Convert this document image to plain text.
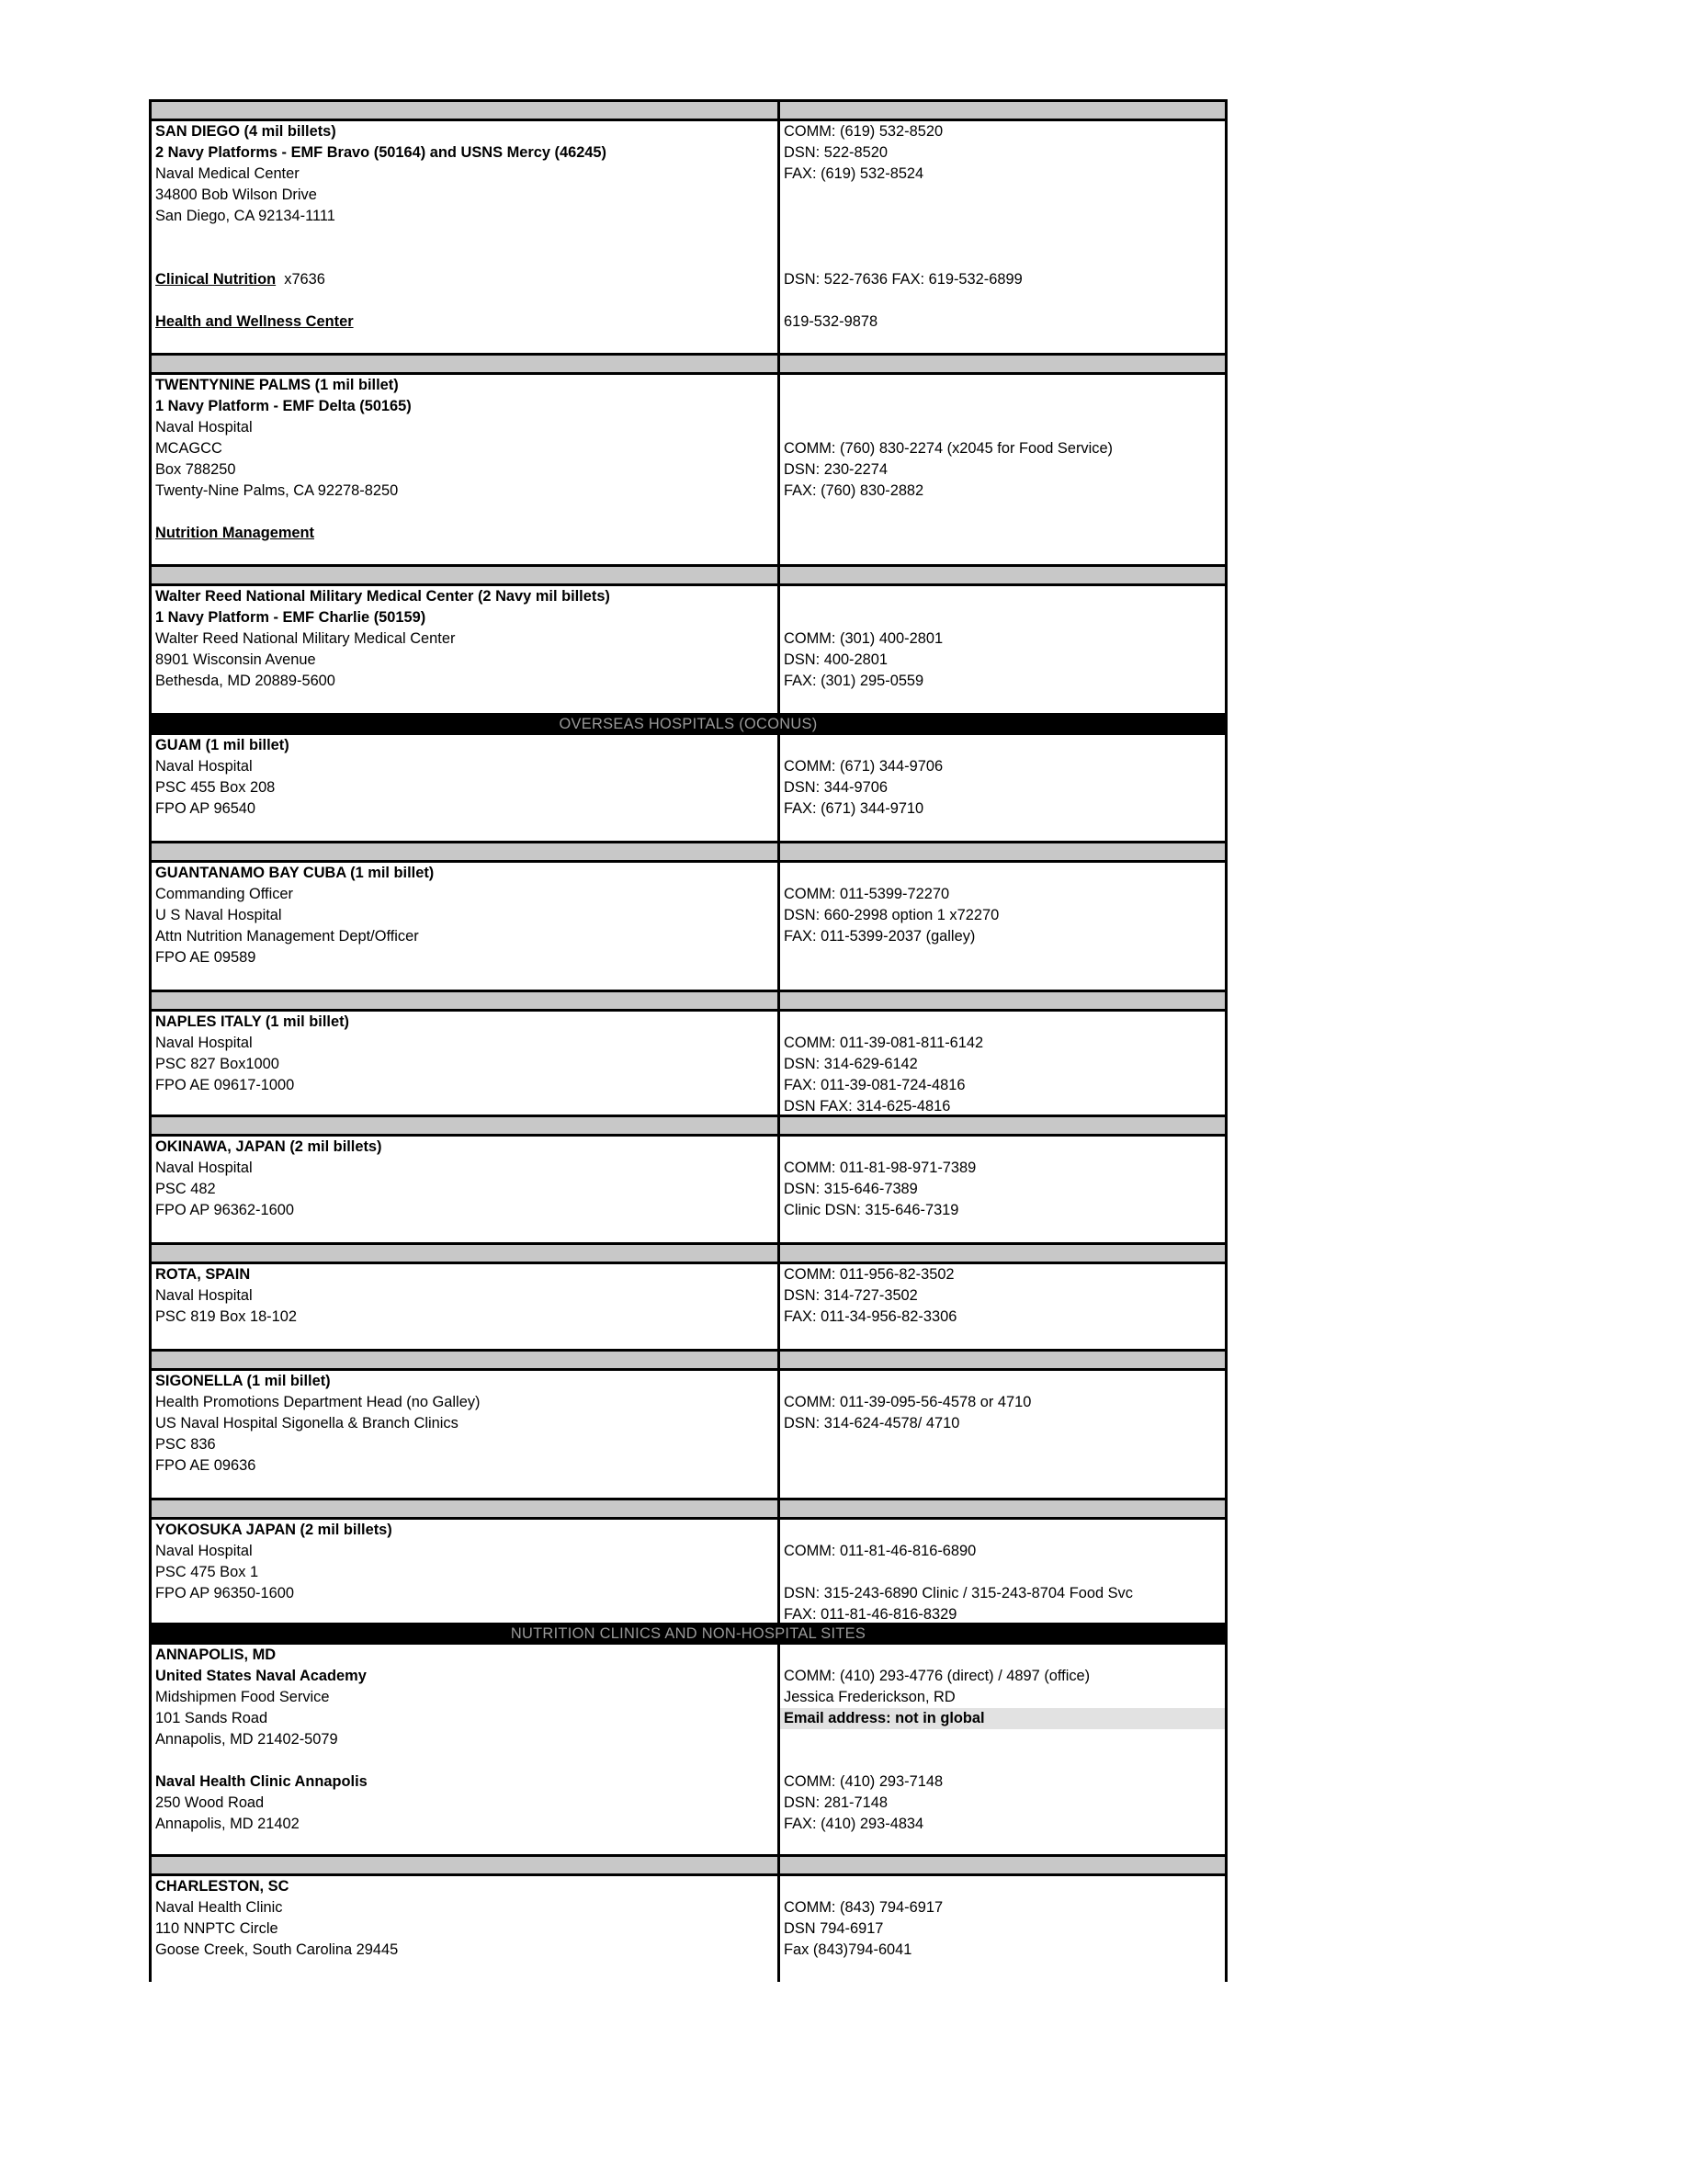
SAN DIEGO (4 mil billets)
2 Navy Platforms - EMF Bravo (50164) and USNS Mercy (46245)
Naval Medical Center
34800 Bob Wilson Drive
San Diego, CA 92134-1111
Clinical Nutrition  x7636
Health and Wellness Center
COMM: (619) 532-8520
DSN: 522-8520
FAX: (619) 532-8524
DSN: 522-7636 FAX: 619-532-6899
619-532-9878
TWENTYNINE PALMS (1 mil billet)
1 Navy Platform - EMF Delta (50165)
Naval Hospital
MCAGCC
Box 788250
Twenty-Nine Palms, CA 92278-8250
Nutrition Management
COMM: (760) 830-2274 (x2045 for Food Service)
DSN: 230-2274
FAX: (760) 830-2882
Walter Reed National Military Medical Center (2 Navy mil billets)
1 Navy Platform - EMF Charlie (50159)
Walter Reed National Military Medical Center
8901 Wisconsin Avenue
Bethesda, MD 20889-5600
COMM: (301) 400-2801
DSN: 400-2801
FAX: (301) 295-0559
OVERSEAS HOSPITALS (OCONUS)
GUAM (1 mil billet)
Naval Hospital
PSC 455 Box 208
FPO AP 96540
COMM: (671) 344-9706
DSN: 344-9706
FAX: (671) 344-9710
GUANTANAMO BAY CUBA (1 mil billet)
Commanding Officer
U S Naval Hospital
Attn Nutrition Management Dept/Officer
FPO AE 09589
COMM: 011-5399-72270
DSN: 660-2998 option 1 x72270
FAX: 011-5399-2037 (galley)
NAPLES ITALY (1 mil billet)
Naval Hospital
PSC 827 Box1000
FPO AE 09617-1000
COMM: 011-39-081-811-6142
DSN: 314-629-6142
FAX: 011-39-081-724-4816
DSN FAX: 314-625-4816
OKINAWA, JAPAN (2 mil billets)
Naval Hospital
PSC 482
FPO AP 96362-1600
COMM: 011-81-98-971-7389
DSN: 315-646-7389
Clinic DSN: 315-646-7319
ROTA, SPAIN
Naval Hospital
PSC 819 Box 18-102
COMM: 011-956-82-3502
DSN: 314-727-3502
FAX: 011-34-956-82-3306
SIGONELLA (1 mil billet)
Health Promotions Department Head (no Galley)
US Naval Hospital Sigonella & Branch Clinics
PSC 836
FPO AE 09636
COMM: 011-39-095-56-4578 or 4710
DSN: 314-624-4578/ 4710
YOKOSUKA JAPAN (2 mil billets)
Naval Hospital
PSC 475 Box 1
FPO AP 96350-1600
COMM: 011-81-46-816-6890
DSN: 315-243-6890 Clinic / 315-243-8704 Food Svc
FAX: 011-81-46-816-8329
NUTRITION CLINICS AND NON-HOSPITAL SITES
ANNAPOLIS, MD
United States Naval Academy
Midshipmen Food Service
101 Sands Road
Annapolis, MD 21402-5079
Naval Health Clinic Annapolis
250 Wood Road
Annapolis, MD 21402
COMM: (410) 293-4776 (direct) / 4897 (office)
Jessica Frederickson, RD
Email address: not in global
COMM: (410) 293-7148
DSN: 281-7148
FAX: (410) 293-4834
CHARLESTON, SC
Naval Health Clinic
110 NNPTC Circle
Goose Creek, South Carolina 29445
COMM: (843) 794-6917
DSN 794-6917
Fax (843)794-6041
